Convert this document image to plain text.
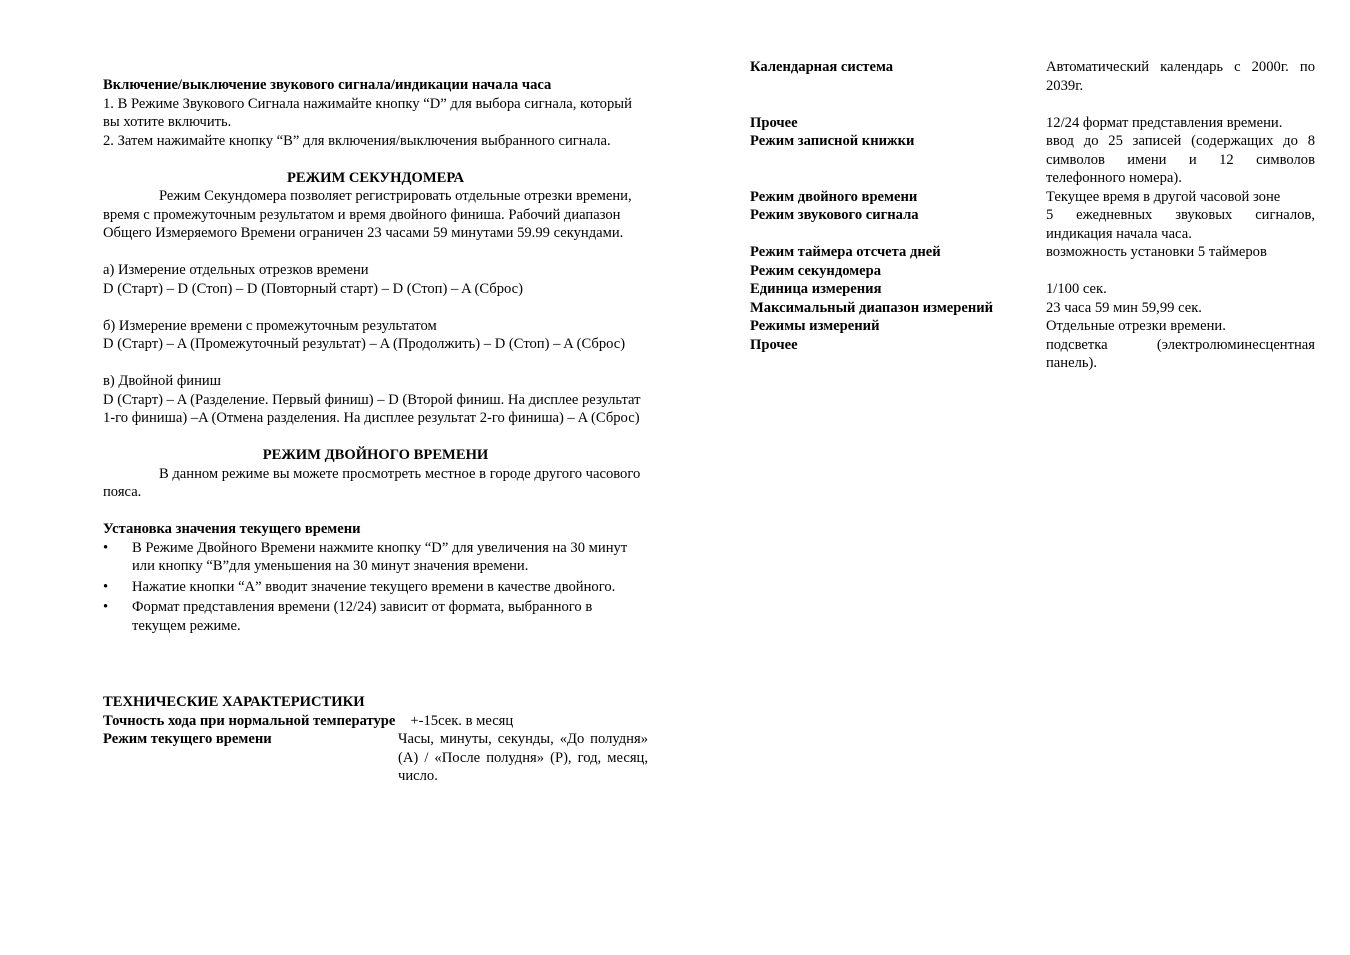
Включение/выключение звукового сигнала/индикации начала часа

1. В Режиме Звукового Сигнала нажимайте кнопку “D” для выбора сигнала, который вы хотите включить.

2. Затем нажимайте кнопку “B” для включения/выключения выбранного сигнала.

РЕЖИМ СЕКУНДОМЕРА

Режим Секундомера позволяет регистрировать отдельные отрезки времени, время с промежуточным результатом и время двойного финиша. Рабочий диапазон Общего Измеряемого Времени ограничен 23 часами 59 минутами 59.99 секундами.

а) Измерение отдельных отрезков времени

D (Старт) – D (Стоп) – D (Повторный старт) – D (Стоп) – A (Сброс)

б) Измерение времени с промежуточным результатом

D (Старт) – A (Промежуточный результат) – A (Продолжить) – D (Стоп) – A (Сброс)

в) Двойной финиш

D (Старт) – A (Разделение. Первый финиш) – D (Второй финиш. На дисплее результат 1-го финиша) –A (Отмена разделения. На дисплее результат 2-го финиша) – A (Сброс)

РЕЖИМ ДВОЙНОГО ВРЕМЕНИ

В данном режиме вы можете просмотреть местное в городе другого часового пояса.

Установка значения текущего времени

• В Режиме Двойного Времени нажмите кнопку “D” для увеличения на 30 минут или кнопку “B”для уменьшения на 30 минут значения времени.
• Нажатие кнопки “A” вводит значение текущего времени в качестве двойного.
• Формат представления времени (12/24) зависит от формата, выбранного в текущем режиме.

ТЕХНИЧЕСКИЕ ХАРАКТЕРИСТИКИ

Точность хода при нормальной температуре +-15сек. в месяц
Режим текущего времени	Часы, минуты, секунды, «До полудня» (A) / «После полудня» (P), год, месяц, число.
Календарная система	Автоматический календарь с 2000г. по 2039г.
Прочее	12/24 формат представления времени.
Режим записной книжки	ввод до 25 записей (содержащих до 8 символов имени и 12 символов телефонного номера).
Режим двойного времени	Текущее время в другой часовой зоне
Режим звукового сигнала	5 ежедневных звуковых сигналов, индикация начала часа.
Режим таймера отсчета дней	возможность установки 5 таймеров
Режим секундомера
Единица измерения	1/100 сек.
Максимальный диапазон измерений	23 часа 59 мин 59,99 сек.
Режимы измерений	Отдельные отрезки времени.
Прочее	подсветка (электролюминесцентная панель).
